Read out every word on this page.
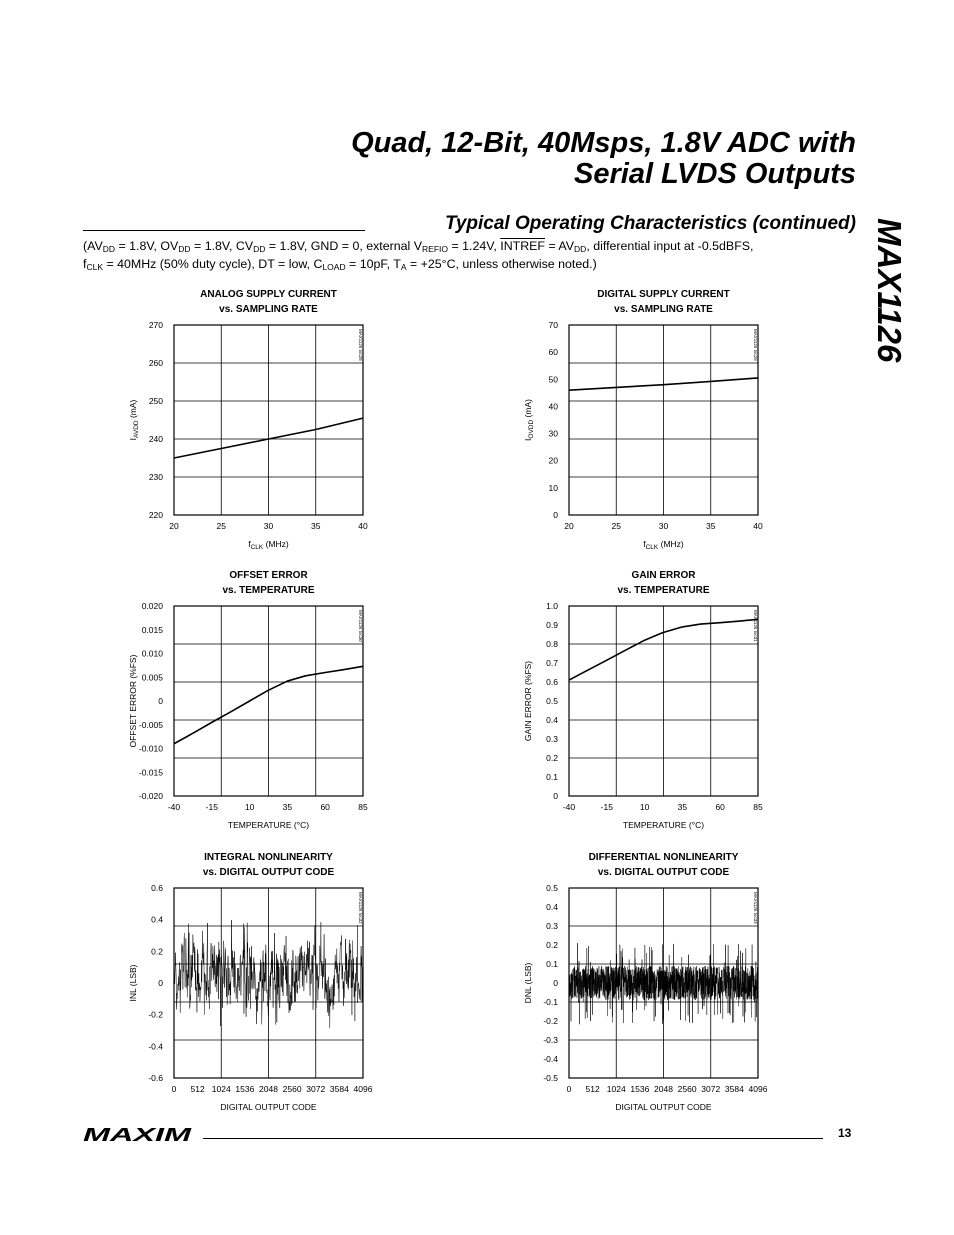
Quad, 12-Bit, 40Msps, 1.8V ADC with
Serial LVDS Outputs
MAX1126
Typical Operating Characteristics (continued)

($AV_{DD} = 1.8V$, $OV_{DD} = 1.8V$, $CV_{DD} = 1.8V$, GND = 0, external $V_{REFIO} = 1.24V$, INTREF = $AV_{DD}$, differential input at -0.5dBFS,

$f_{CLK} = 40MHz$ (50% duty cycle), DT = low, $C_{LOAD} = 10pF$, $T_A = +25^\circ C$, unless otherwise noted.)

ANALOG SUPPLY CURRENT
vs. SAMPLING RATE
20	25	30	35	40
270
260
250
240
230
220
$f_{CLK}$ (MHz)
$I_{AVDD}$ (mA)
MAX1126 toc28
DIGITAL SUPPLY CURRENT
vs. SAMPLING RATE
20	25	30	35	40
70
60
50
40
30
20
10
0
$f_{CLK}$ (MHz)
$I_{OVDD}$ (mA)
MAX1126 toc29
OFFSET ERROR
vs. TEMPERATURE
-40	-15	10	35	60	85
0.020
0.015
0.010
0.005
0
-0.005
-0.010
-0.015
-0.020
TEMPERATURE (°C)
OFFSET ERROR (%FS)
MAX1126 toc30
GAIN ERROR
vs. TEMPERATURE
-40	-15	10	35	60	85
1.0
0.9
0.8
0.7
0.6
0.5
0.4
0.3
0.2
0.1
0
TEMPERATURE (°C)
GAIN ERROR (%FS)
MAX1126 toc31
INTEGRAL NONLINEARITY
vs. DIGITAL OUTPUT CODE
0 512 1024 1536 2048 2560 3072 3584 4096
0.6
0.4
0.2
0
-0.2
-0.4
-0.6
DIGITAL OUTPUT CODE
INL (LSB)
MAX1126 toc32
DIFFERENTIAL NONLINEARITY
vs. DIGITAL OUTPUT CODE
0 512 1024 1536 2048 2560 3072 3584 4096
0.5
0.4
0.3
0.2
0.1
0
-0.1
-0.2
-0.3
-0.4
-0.5
DIGITAL OUTPUT CODE
DNL (LSB)
MAX1126 toc33
MAXIM	13
